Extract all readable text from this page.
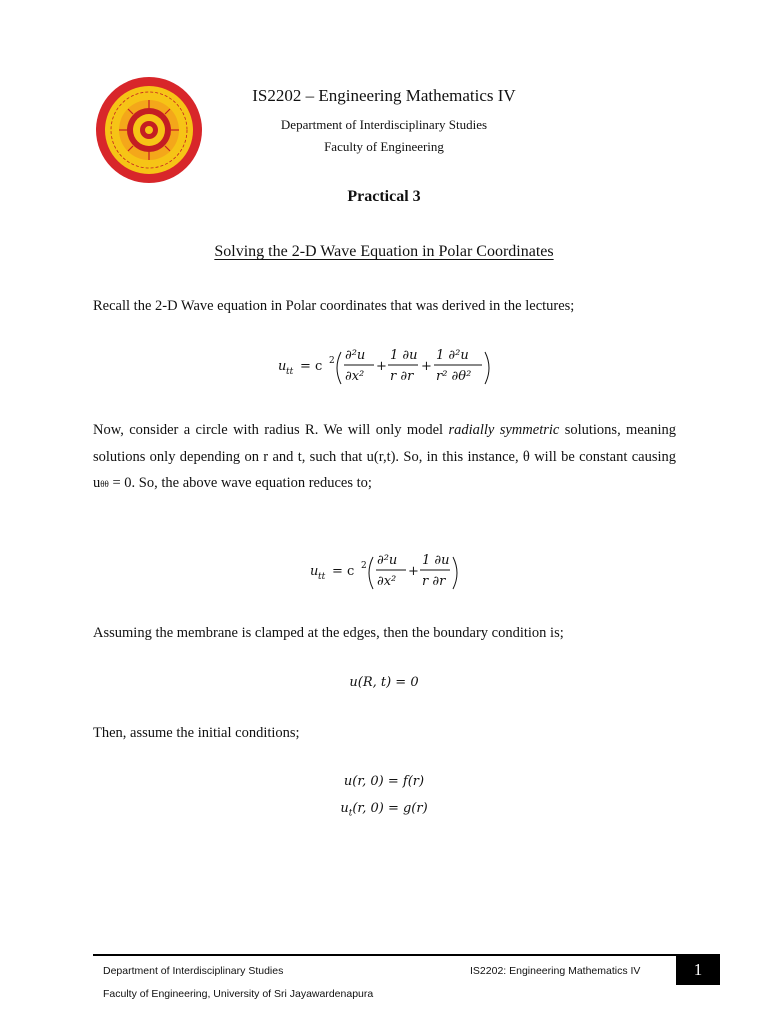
IS2202 – Engineering Mathematics IV
Department of Interdisciplinary Studies
Faculty of Engineering
Practical 3
Solving the 2-D Wave Equation in Polar Coordinates
Recall the 2-D Wave equation in Polar coordinates that was derived in the lectures;
u tt = c 2 ∂²u
∂x²
+
1 ∂u
r ∂r
+
1 ∂²u
r² ∂θ²
Now, consider a circle with radius R. We will only model radially symmetric solutions, meaning solutions only depending on r and t, such that u(r,t). So, in this instance, θ will be constant causing uθθ = 0. So, the above wave equation reduces to;
u tt = c 2 ∂²u
∂x²
+
1 ∂u
r ∂r
Assuming the membrane is clamped at the edges, then the boundary condition is;
u(R, t) = 0
Then, assume the initial conditions;
u(r, 0) = f(r)
$u_t(r$, 0) = g(r)
Department of Interdisciplinary Studies
Faculty of Engineering, University of Sri Jayawardenapura
IS2202: Engineering Mathematics IV	1
